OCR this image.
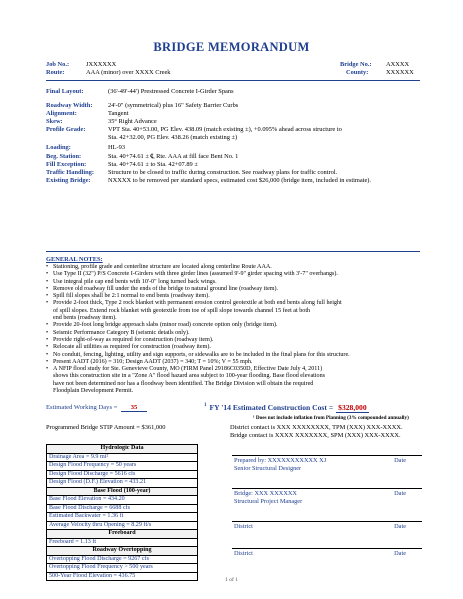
BRIDGE MEMORANDUM
Job No.:	JXXXXXX
Route:	AAA (minor) over XXXX Creek
Bridge No.: AXXXX
County:	XXXXXX
Final Layout:	(36'-49'-44') Prestressed Concrete I-Girder Spans
Roadway Width: 24'-0" (symmetrical) plus 16" Safety Barrier Curbs
Alignment:	Tangent
Skew:	35° Right Advance
Profile Grade:	VPT Sta. 40+53.00, PG Elev. 438.09 (match existing ±), +0.095% ahead across structure to
Sta. 42+32.00, PG Elev. 438.26 (match existing ±)
Loading:	HL-93
Beg. Station:	Sta. 40+74.61 ± ℄ Rte. AAA at fill face Bent No. 1
Fill Exception:	Sta. 40+74.61 ± to Sta. 42+07.89 ±
Traffic Handling: Structure to be closed to traffic during construction. See roadway plans for traffic control.
Existing Bridge:	NXXXX to be removed per standard specs, estimated cost $26,000 (bridge item, included in estimate).
GENERAL NOTES:
• Stationing, profile grade and centerline structure are located along centerline Route AAA.
• Use Type II (32") P/S Concrete I-Girders with three girder lines (assumed 9'-9" girder spacing with 3'-7" overhangs).
• Use integral pile cap end bents with 10'-0" long turned back wings.
• Remove old roadway fill under the ends of the bridge to natural ground line (roadway item).
• Spill fill slopes shall be 2:1 normal to end bents (roadway item).
• Provide 2-foot thick, Type 2 rock blanket with permanent erosion control geotextile at both end bents along full height
of spill slopes. Extend rock blanket with geotextile from toe of spill slope towards channel 15 feet at both
end bents (roadway item).
• Provide 20-foot long bridge approach slabs (minor road) concrete option only (bridge item).
• Seismic Performance Category B (seismic details only).
• Provide right-of-way as required for construction (roadway item).
• Relocate all utilities as required for construction (roadway item).
• No conduit, fencing, lighting, utility and sign supports, or sidewalks are to be included in the final plans for this structure.
• Present AADT (2016) = 310; Design AADT (2037) = 340; T = 10%; V = 55 mph.
• A NFIP flood study for Ste. Genevieve County, MO (FIRM Panel 29186C0350D, Effective Date July 4, 2011)
shows this construction site in a "Zone A" flood hazard area subject to 100-year flooding. Base flood elevations
have not been determined nor has a floodway been identified. The Bridge Division will obtain the required
Floodplain Development Permit.
Estimated Working Days = 35	$^1$ FY '14 Estimated Construction Cost = $328,000
¹ Does not include inflation from Planning (3% compounded annually)
Programmed Bridge STIP Amount = $361,000	District contact is XXX XXXXXXXX, TPM (XXX) XXX-XXXX.
Bridge contact is XXXX XXXXXXX, SPM (XXX) XXX-XXXX.
Hydrologic Data
Drainage Area = 9.9 mi²
Design Flood Frequency = 50 years
Design Flood Discharge = 5616 cfs
Design Flood (D.F.) Elevation = 433.21
Base Flood (100-year)
Base Flood Elevation = 434.20
Base Flood Discharge = 6688 cfs
Estimated Backwater = 1.36 ft
Average Velocity thru Opening = 8.29 ft/s
Freeboard
Freeboard = 1.13 ft
Roadway Overtopping
Overtopping Flood Discharge = 9267 cfs
Overtopping Flood Frequency > 500 years
500-Year Flood Elevation = 436.75
Prepared by: XXXXXXXXXXX XJ
Senior Structural Designer
Date
Bridge: XXX XXXXXX
Structural Project Manager
Date
District	Date
District	Date
1 of 1
